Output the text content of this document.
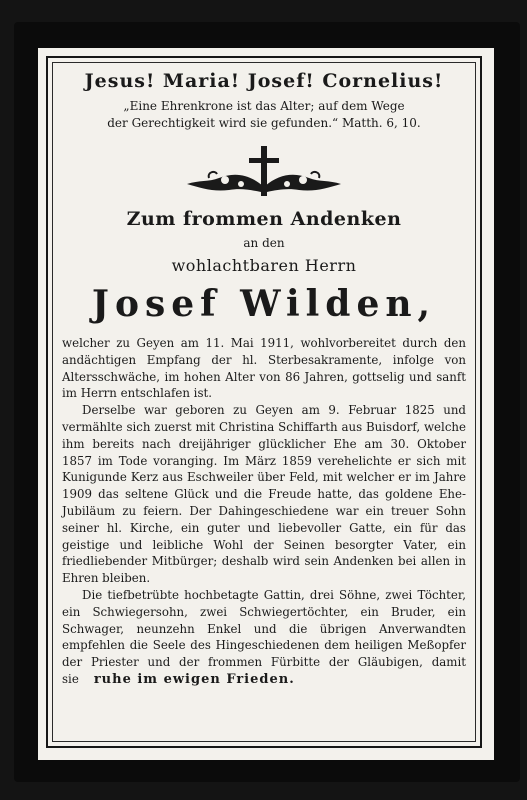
Jesus! Maria! Josef! Cornelius!
„Eine Ehrenkrone ist das Alter; auf dem Wege
der Gerechtigkeit wird sie gefunden.“ Matth. 6, 10.
Zum frommen Andenken
an den
wohlachtbaren Herrn
Josef Wilden,

welcher zu Geyen am 11. Mai 1911, wohlvorbereitet durch den andächtigen Empfang der hl. Sterbesakramente, infolge von Altersschwäche, im hohen Alter von 86 Jahren, gottselig und sanft im Herrn entschlafen ist.

Derselbe war geboren zu Geyen am 9. Februar 1825 und vermählte sich zuerst mit Christina Schiffarth aus Buisdorf, welche ihm bereits nach dreijähriger glücklicher Ehe am 30. Oktober 1857 im Tode voranging. Im März 1859 verehelichte er sich mit Kunigunde Kerz aus Eschweiler über Feld, mit welcher er im Jahre 1909 das seltene Glück und die Freude hatte, das goldene Ehe-Jubiläum zu feiern. Der Dahingeschiedene war ein treuer Sohn seiner hl. Kirche, ein guter und liebevoller Gatte, ein für das geistige und leibliche Wohl der Seinen besorgter Vater, ein friedliebender Mitbürger; deshalb wird sein Andenken bei allen in Ehren bleiben.

Die tiefbetrübte hochbetagte Gattin, drei Söhne, zwei Töchter, ein Schwiegersohn, zwei Schwiegertöchter, ein Bruder, ein Schwager, neunzehn Enkel und die übrigen Anverwandten empfehlen die Seele des Hingeschiedenen dem heiligen Meßopfer der Priester und der frommen Fürbitte der Gläubigen, damit sie ruhe im ewigen Frieden.
